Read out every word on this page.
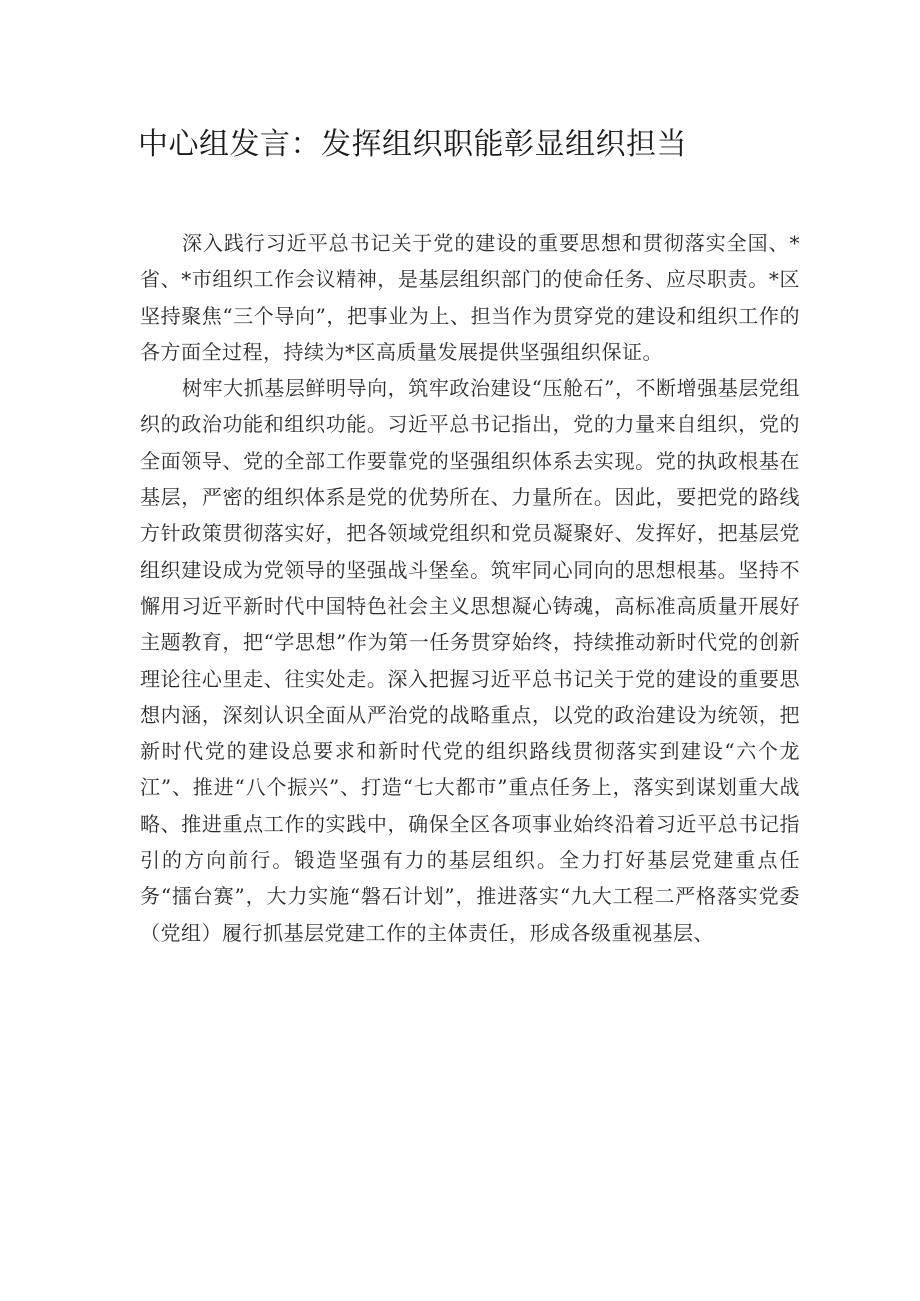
中心组发言：发挥组织职能彰显组织担当

深入践行习近平总书记关于党的建设的重要思想和贯彻落实全国、*省、*市组织工作会议精神，是基层组织部门的使命任务、应尽职责。*区坚持聚焦“三个导向”，把事业为上、担当作为贯穿党的建设和组织工作的各方面全过程，持续为*区高质量发展提供坚强组织保证。

树牢大抓基层鲜明导向，筑牢政治建设“压舱石”，不断增强基层党组织的政治功能和组织功能。习近平总书记指出，党的力量来自组织，党的全面领导、党的全部工作要靠党的坚强组织体系去实现。党的执政根基在基层，严密的组织体系是党的优势所在、力量所在。因此，要把党的路线方针政策贯彻落实好，把各领域党组织和党员凝聚好、发挥好，把基层党组织建设成为党领导的坚强战斗堡垒。筑牢同心同向的思想根基。坚持不懈用习近平新时代中国特色社会主义思想凝心铸魂，高标准高质量开展好主题教育，把“学思想”作为第一任务贯穿始终，持续推动新时代党的创新理论往心里走、往实处走。深入把握习近平总书记关于党的建设的重要思想内涵，深刻认识全面从严治党的战略重点，以党的政治建设为统领，把新时代党的建设总要求和新时代党的组织路线贯彻落实到建设“六个龙江”、推进“八个振兴”、打造“七大都市”重点任务上，落实到谋划重大战略、推进重点工作的实践中，确保全区各项事业始终沿着习近平总书记指引的方向前行。锻造坚强有力的基层组织。全力打好基层党建重点任务“擂台赛”，大力实施“磐石计划”，推进落实“九大工程二严格落实党委（党组）履行抓基层党建工作的主体责任，形成各级重视基层、
